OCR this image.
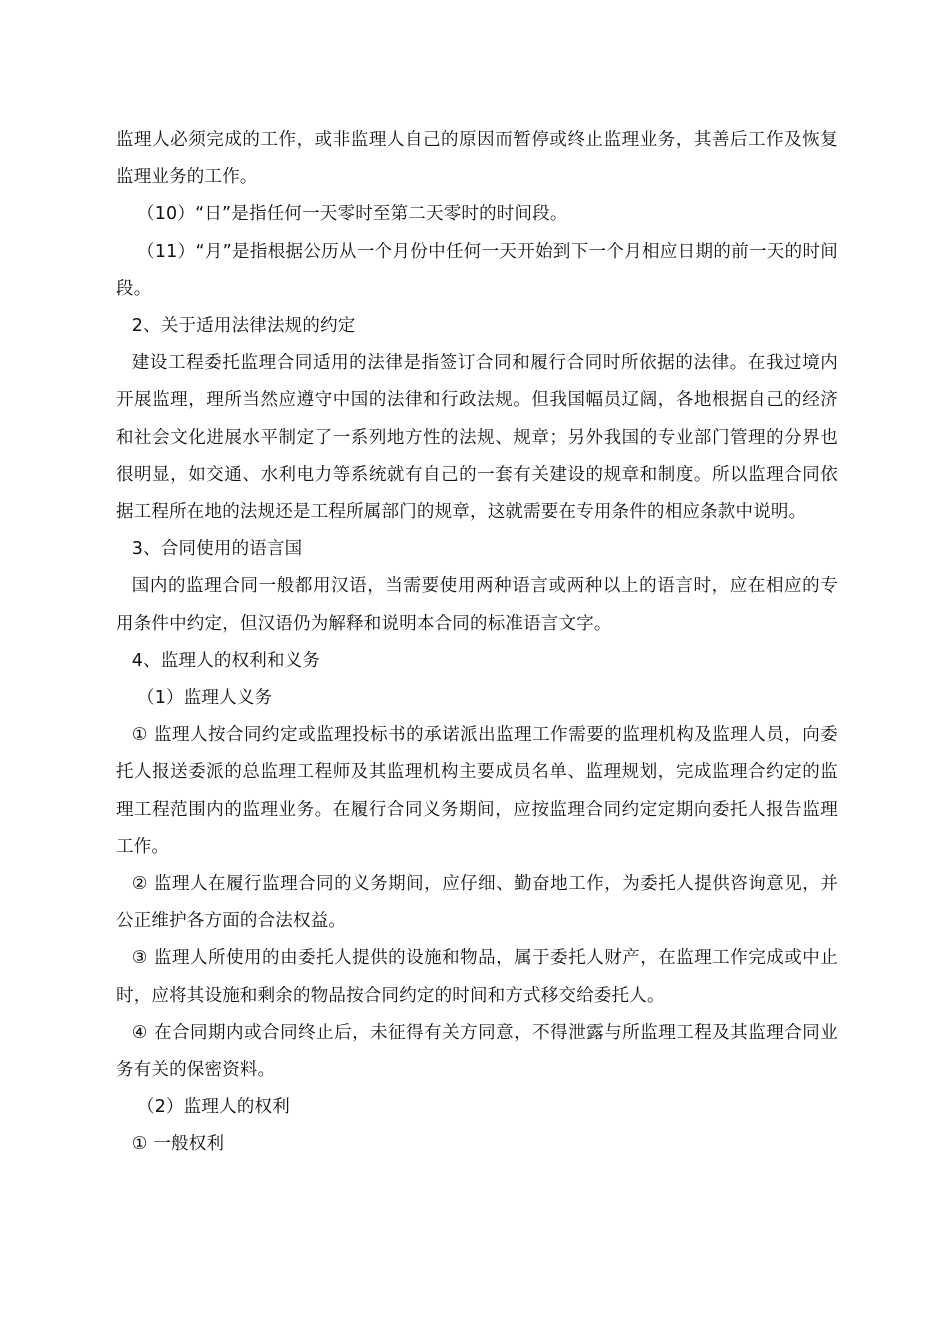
监理人必须完成的工作，或非监理人自己的原因而暂停或终止监理业务，其善后工作及恢复监理业务的工作。

（10）“日”是指任何一天零时至第二天零时的时间段。

（11）“月”是指根据公历从一个月份中任何一天开始到下一个月相应日期的前一天的时间段。

2、关于适用法律法规的约定

建设工程委托监理合同适用的法律是指签订合同和履行合同时所依据的法律。在我过境内开展监理，理所当然应遵守中国的法律和行政法规。但我国幅员辽阔，各地根据自己的经济和社会文化进展水平制定了一系列地方性的法规、规章；另外我国的专业部门管理的分界也很明显，如交通、水利电力等系统就有自己的一套有关建设的规章和制度。所以监理合同依据工程所在地的法规还是工程所属部门的规章，这就需要在专用条件的相应条款中说明。

3、合同使用的语言国

国内的监理合同一般都用汉语，当需要使用两种语言或两种以上的语言时，应在相应的专用条件中约定，但汉语仍为解释和说明本合同的标准语言文字。

4、监理人的权利和义务

（1）监理人义务

① 监理人按合同约定或监理投标书的承诺派出监理工作需要的监理机构及监理人员，向委托人报送委派的总监理工程师及其监理机构主要成员名单、监理规划，完成监理合约定的监理工程范围内的监理业务。在履行合同义务期间，应按监理合同约定定期向委托人报告监理工作。

② 监理人在履行监理合同的义务期间，应仔细、勤奋地工作，为委托人提供咨询意见，并公正维护各方面的合法权益。

③ 监理人所使用的由委托人提供的设施和物品，属于委托人财产，在监理工作完成或中止时，应将其设施和剩余的物品按合同约定的时间和方式移交给委托人。

④ 在合同期内或合同终止后，未征得有关方同意，不得泄露与所监理工程及其监理合同业务有关的保密资料。

（2）监理人的权利

① 一般权利
